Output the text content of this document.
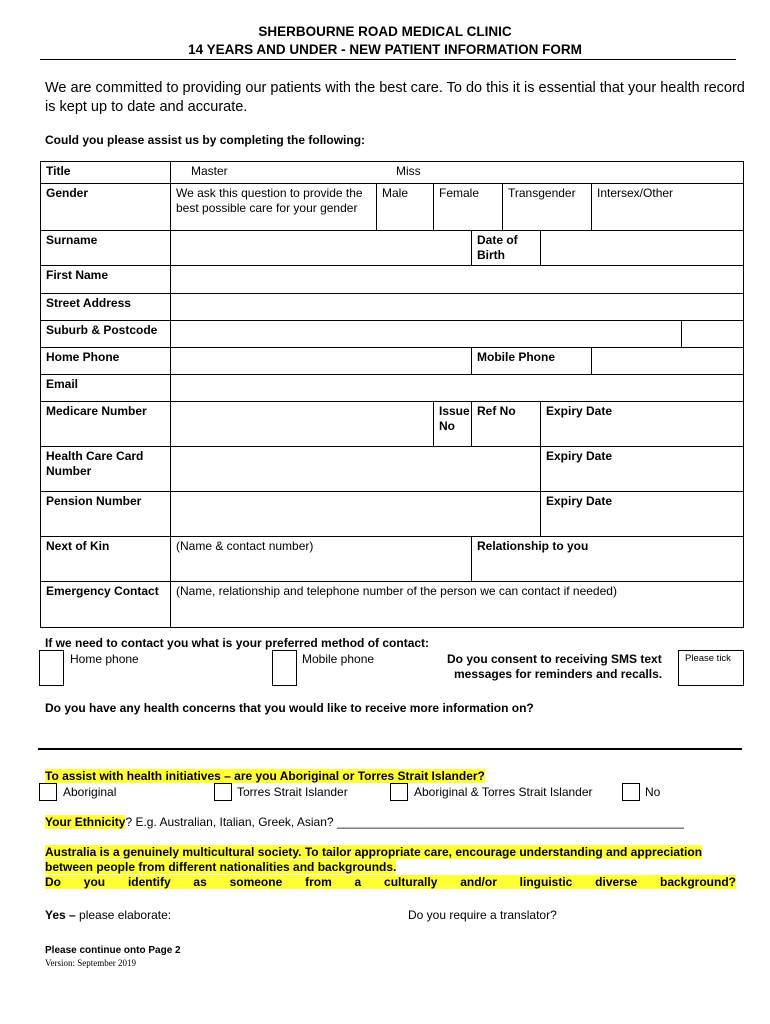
SHERBOURNE ROAD MEDICAL CLINIC
14 YEARS AND UNDER - NEW PATIENT INFORMATION FORM
We are committed to providing our patients with the best care. To do this it is essential that your health record is kept up to date and accurate.
Could you please assist us by completing the following:
Title	Master Miss							

Gender	We ask this question to provide the best possible care for your gender	Male	Female		Transgender		Intersex/Other	
Surname				Date of Birth				
First Name								
Street Address								
Suburb & Postcode								
Home Phone				Mobile Phone				
Email								
Medicare Number			Issue No	Ref No		Expiry Date		
Health Care Card Number						Expiry Date		
Pension Number						Expiry Date		
Next of Kin	(Name & contact number)			Relationship to you				
Emergency Contact	(Name, relationship and telephone number of the person we can contact if needed)							
If we need to contact you what is your preferred method of contact:
Home phone	Mobile phone	Do you consent to receiving SMS text
messages for reminders and recalls.
Please tick
Do you have any health concerns that you would like to receive more information on?
To assist with health initiatives – are you Aboriginal or Torres Strait Islander?
Aboriginal	Torres Strait Islander	Aboriginal & Torres Strait Islander	No
Your Ethnicity? E.g. Australian, Italian, Greek, Asian? ____________________________________________________
Australia is a genuinely multicultural society. To tailor appropriate care, encourage understanding and appreciation
between people from different nationalities and backgrounds.
Do you identify as someone from a culturally and/or linguistic diverse background?
Yes – please elaborate:	Do you require a translator?
Please continue onto Page 2
Version: September 2019
